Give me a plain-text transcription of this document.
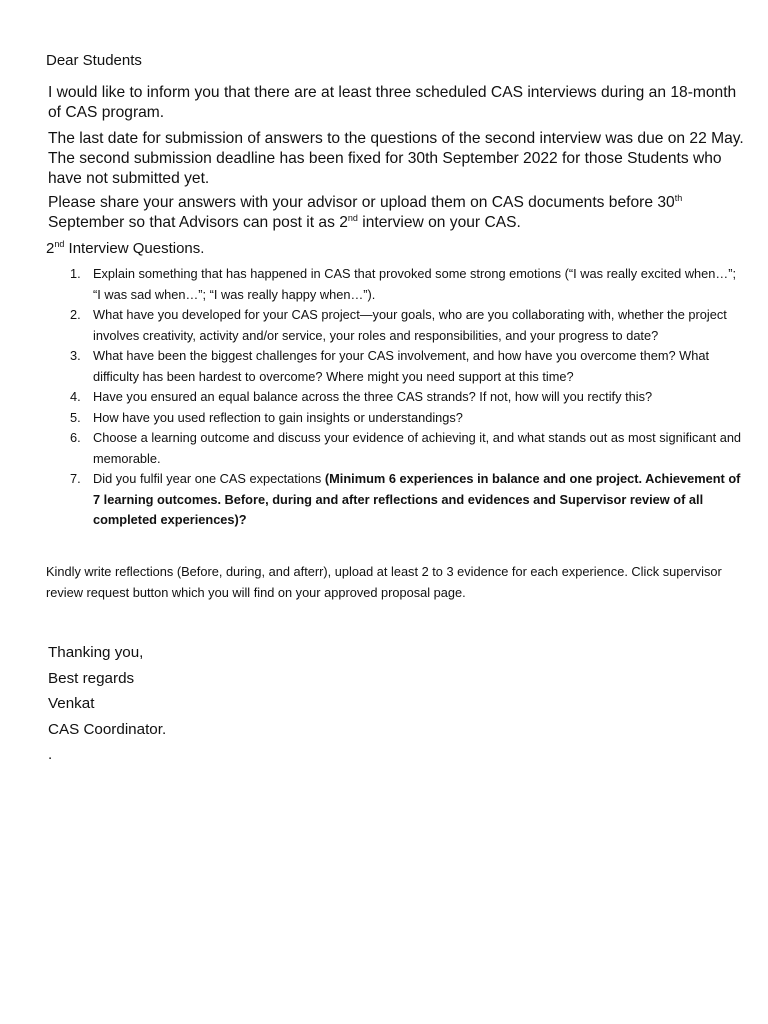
Dear Students

I would like to inform you that there are at least three scheduled CAS interviews during an 18-month of CAS program.

The last date for submission of answers to the questions of the second interview was due on 22 May. The second submission deadline has been fixed for 30th September 2022 for those Students who have not submitted yet.

Please share your answers with your advisor or upload them on CAS documents before 30th September so that Advisors can post it as 2nd interview on your CAS.

2nd Interview Questions.

1. Explain something that has happened in CAS that provoked some strong emotions (“I was really excited when…”; “I was sad when…”; “I was really happy when…”).
2. What have you developed for your CAS project—your goals, who are you collaborating with, whether the project involves creativity, activity and/or service, your roles and responsibilities, and your progress to date?
3. What have been the biggest challenges for your CAS involvement, and how have you overcome them? What difficulty has been hardest to overcome? Where might you need support at this time?
4. Have you ensured an equal balance across the three CAS strands? If not, how will you rectify this?
5. How have you used reflection to gain insights or understandings?
6. Choose a learning outcome and discuss your evidence of achieving it, and what stands out as most significant and memorable.
7. Did you fulfil year one CAS expectations (Minimum 6 experiences in balance and one project. Achievement of 7 learning outcomes. Before, during and after reflections and evidences and Supervisor review of all completed experiences)?

Kindly write reflections (Before, during, and afterr), upload at least 2 to 3 evidence for each experience. Click supervisor review request button which you will find on your approved proposal page.

Thanking you,
Best regards
Venkat
CAS Coordinator.
.
